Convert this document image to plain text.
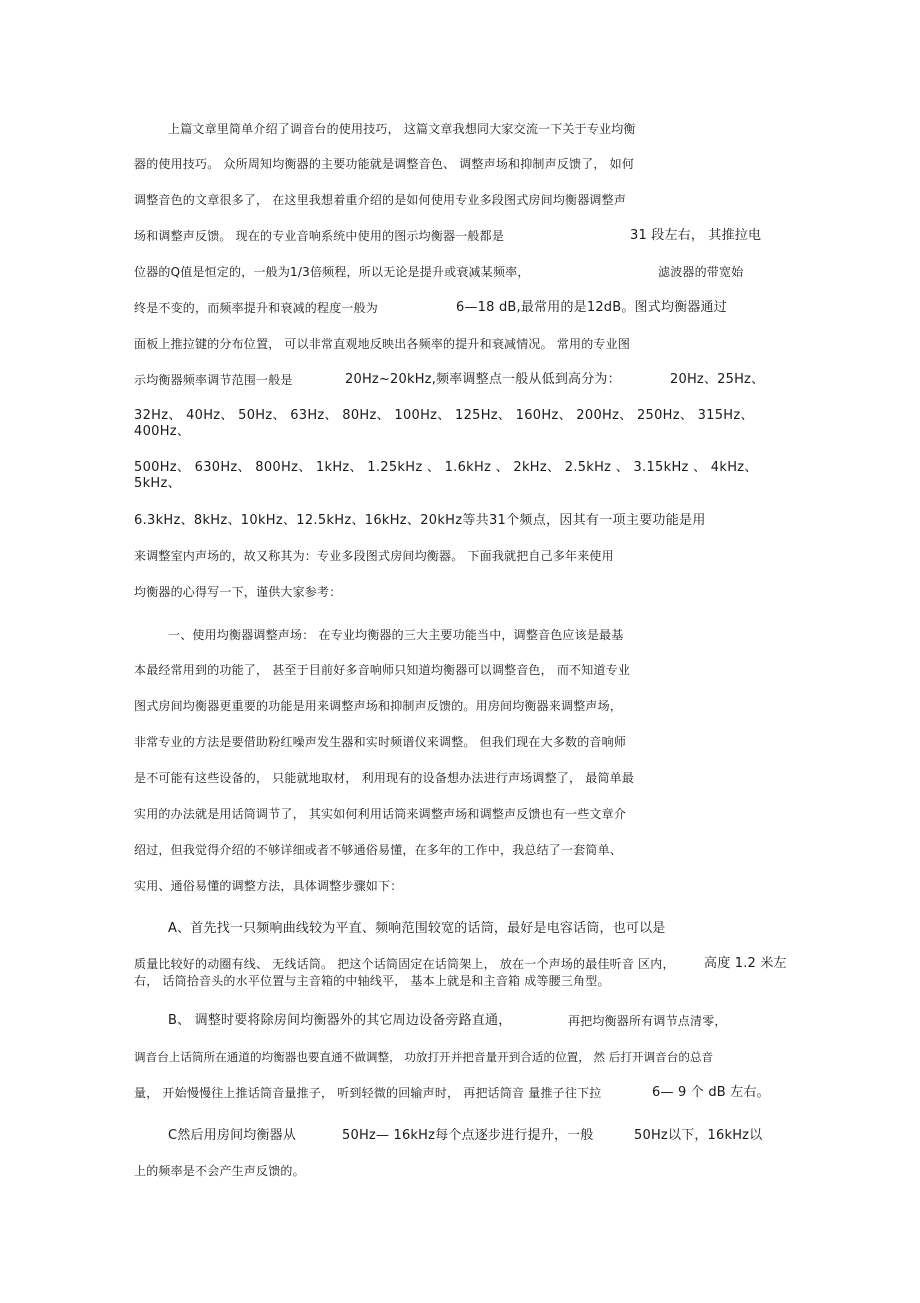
上篇文章里简单介绍了调音台的使用技巧， 这篇文章我想同大家交流一下关于专业均衡
器的使用技巧。 众所周知均衡器的主要功能就是调整音色、 调整声场和抑制声反馈了， 如何
调整音色的文章很多了， 在这里我想着重介绍的是如何使用专业多段图式房间均衡器调整声
场和调整声反馈。 现在的专业音响系统中使用的图示均衡器一般都是	31 段左右， 其推拉电
位器的Q值是恒定的，一般为1/3倍频程，所以无论是提升或衰减某频率，	滤波器的带宽始
终是不变的，而频率提升和衰减的程度一般为	6—18 dB,最常用的是12dB。图式均衡器通过
面板上推拉键的分布位置， 可以非常直观地反映出各频率的提升和衰减情况。 常用的专业图
示均衡器频率调节范围一般是	20Hz~20kHz,频率调整点一般从低到高分为：	20Hz、25Hz、
32Hz、 40Hz、 50Hz、 63Hz、 80Hz、 100Hz、 125Hz、 160Hz、 200Hz、 250Hz、 315Hz、 400Hz、
500Hz、 630Hz、 800Hz、 1kHz、 1.25kHz 、 1.6kHz 、 2kHz、 2.5kHz 、 3.15kHz 、 4kHz、 5kHz、
6.3kHz、8kHz、10kHz、12.5kHz、16kHz、20kHz等共31个频点，因其有一项主要功能是用
来调整室内声场的，故又称其为：专业多段图式房间均衡器。 下面我就把自己多年来使用
均衡器的心得写一下，谨供大家参考：
一、使用均衡器调整声场： 在专业均衡器的三大主要功能当中，调整音色应该是最基
本最经常用到的功能了， 甚至于目前好多音响师只知道均衡器可以调整音色， 而不知道专业
图式房间均衡器更重要的功能是用来调整声场和抑制声反馈的。用房间均衡器来调整声场，
非常专业的方法是要借助粉红噪声发生器和实时频谱仪来调整。 但我们现在大多数的音响师
是不可能有这些设备的， 只能就地取材， 利用现有的设备想办法进行声场调整了， 最简单最
实用的办法就是用话筒调节了， 其实如何利用话筒来调整声场和调整声反馈也有一些文章介
绍过，但我觉得介绍的不够详细或者不够通俗易懂，在多年的工作中，我总结了一套简单、
实用、通俗易懂的调整方法，具体调整步骤如下：
A、首先找一只频响曲线较为平直、频响范围较宽的话筒，最好是电容话筒，也可以是
质量比较好的动圈有线、 无线话筒。 把这个话筒固定在话筒架上， 放在一个声场的最佳听音 区内， 高度 1.2 米左
右， 话筒拾音头的水平位置与主音箱的中轴线平， 基本上就是和主音箱 成等腰三角型。
B、 调整时要将除房间均衡器外的其它周边设备旁路直通，	再把均衡器所有调节点清零，
调音台上话筒所在通道的均衡器也要直通不做调整， 功放打开并把音量开到合适的位置， 然 后打开调音台的总音
量， 开始慢慢往上推话筒音量推子， 听到轻微的回输声时， 再把话筒音 量推子往下拉	6— 9 个 dB 左右。
C然后用房间均衡器从	50Hz— 16kHz每个点逐步进行提升，一般	50Hz以下，16kHz以
上的频率是不会产生声反馈的。
